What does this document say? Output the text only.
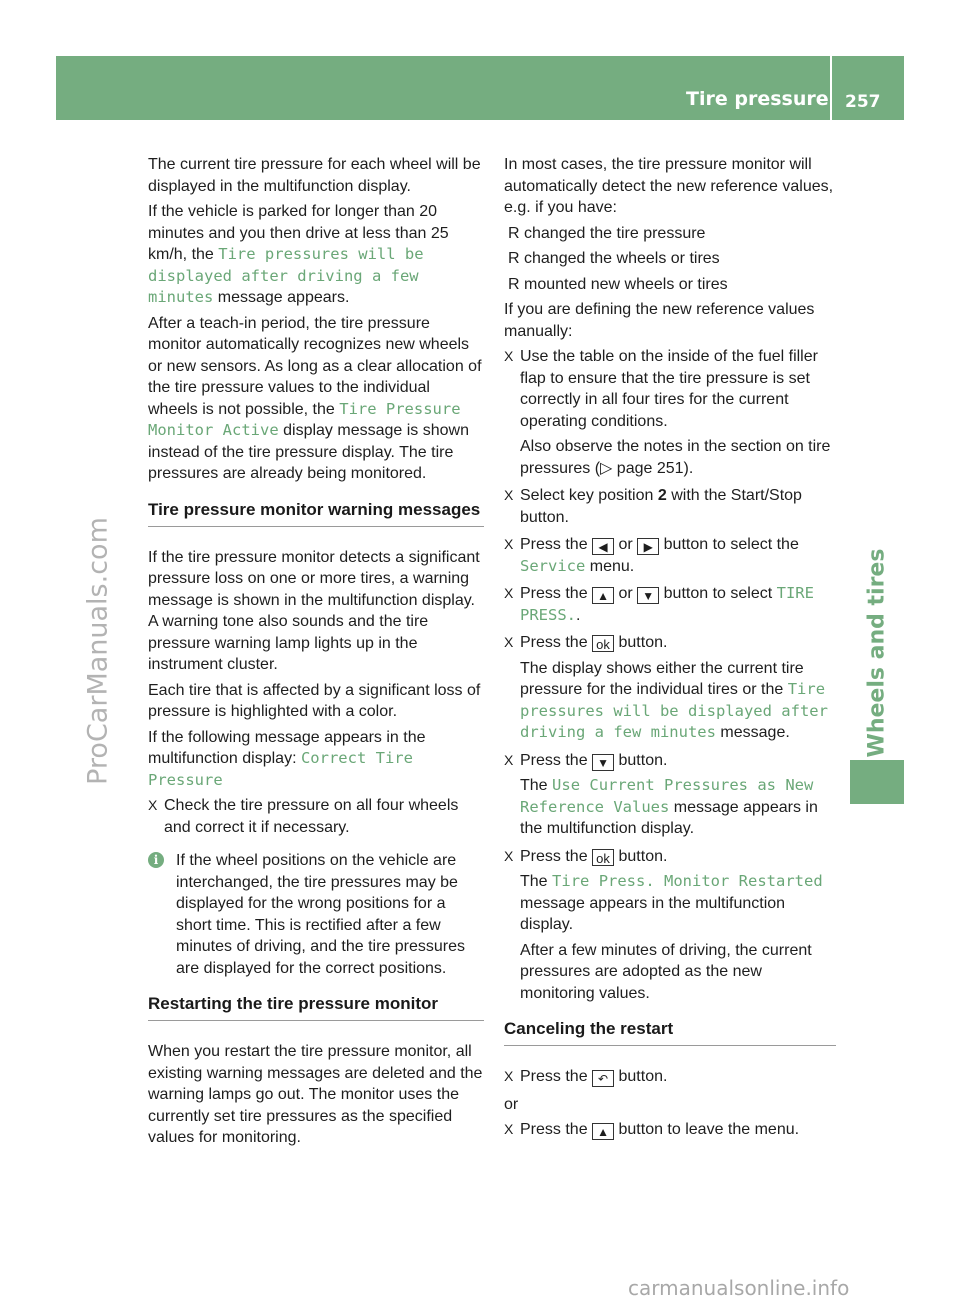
Tire pressure 257
Wheels and tires
ProCarManuals.com
carmanualsonline.info

The current tire pressure for each wheel will be displayed in the multifunction display.

If the vehicle is parked for longer than 20 minutes and you then drive at less than 25 km/h, the Tire pressures will be displayed after driving a few minutes message appears.

After a teach-in period, the tire pressure monitor automatically recognizes new wheels or new sensors. As long as a clear allocation of the tire pressure values to the individual wheels is not possible, the Tire Pressure Monitor Active display message is shown instead of the tire pressure display. The tire pressures are already being monitored.

Tire pressure monitor warning messages

If the tire pressure monitor detects a significant pressure loss on one or more tires, a warning message is shown in the multifunction display. A warning tone also sounds and the tire pressure warning lamp lights up in the instrument cluster.

Each tire that is affected by a significant loss of pressure is highlighted with a color.

If the following message appears in the multifunction display: Correct Tire Pressure

X Check the tire pressure on all four wheels and correct it if necessary.
i	If the wheel positions on the vehicle are interchanged, the tire pressures may be displayed for the wrong positions for a short time. This is rectified after a few minutes of driving, and the tire pressures are displayed for the correct positions.
Restarting the tire pressure monitor

When you restart the tire pressure monitor, all existing warning messages are deleted and the warning lamps go out. The monitor uses the currently set tire pressures as the specified values for monitoring.

In most cases, the tire pressure monitor will automatically detect the new reference values, e.g. if you have:

R changed the tire pressure
R changed the wheels or tires
R mounted new wheels or tires

If you are defining the new reference values manually:

X Use the table on the inside of the fuel filler flap to ensure that the tire pressure is set correctly in all four tires for the current operating conditions.
Also observe the notes in the section on tire pressures (▷ page 251).
X Select key position 2 with the Start/Stop button.
X Press the ◀ or ▶ button to select the Service menu.
X Press the ▲ or ▼ button to select TIRE PRESS..
X Press the ok button.
The display shows either the current tire pressure for the individual tires or the Tire pressures will be displayed after driving a few minutes message.
X Press the ▼ button.
The Use Current Pressures as New Reference Values message appears in the multifunction display.
X Press the ok button.
The Tire Press. Monitor Restarted message appears in the multifunction display.
After a few minutes of driving, the current pressures are adopted as the new monitoring values.
Canceling the restart
X Press the ↶ button.

or

X Press the ▲ button to leave the menu.
